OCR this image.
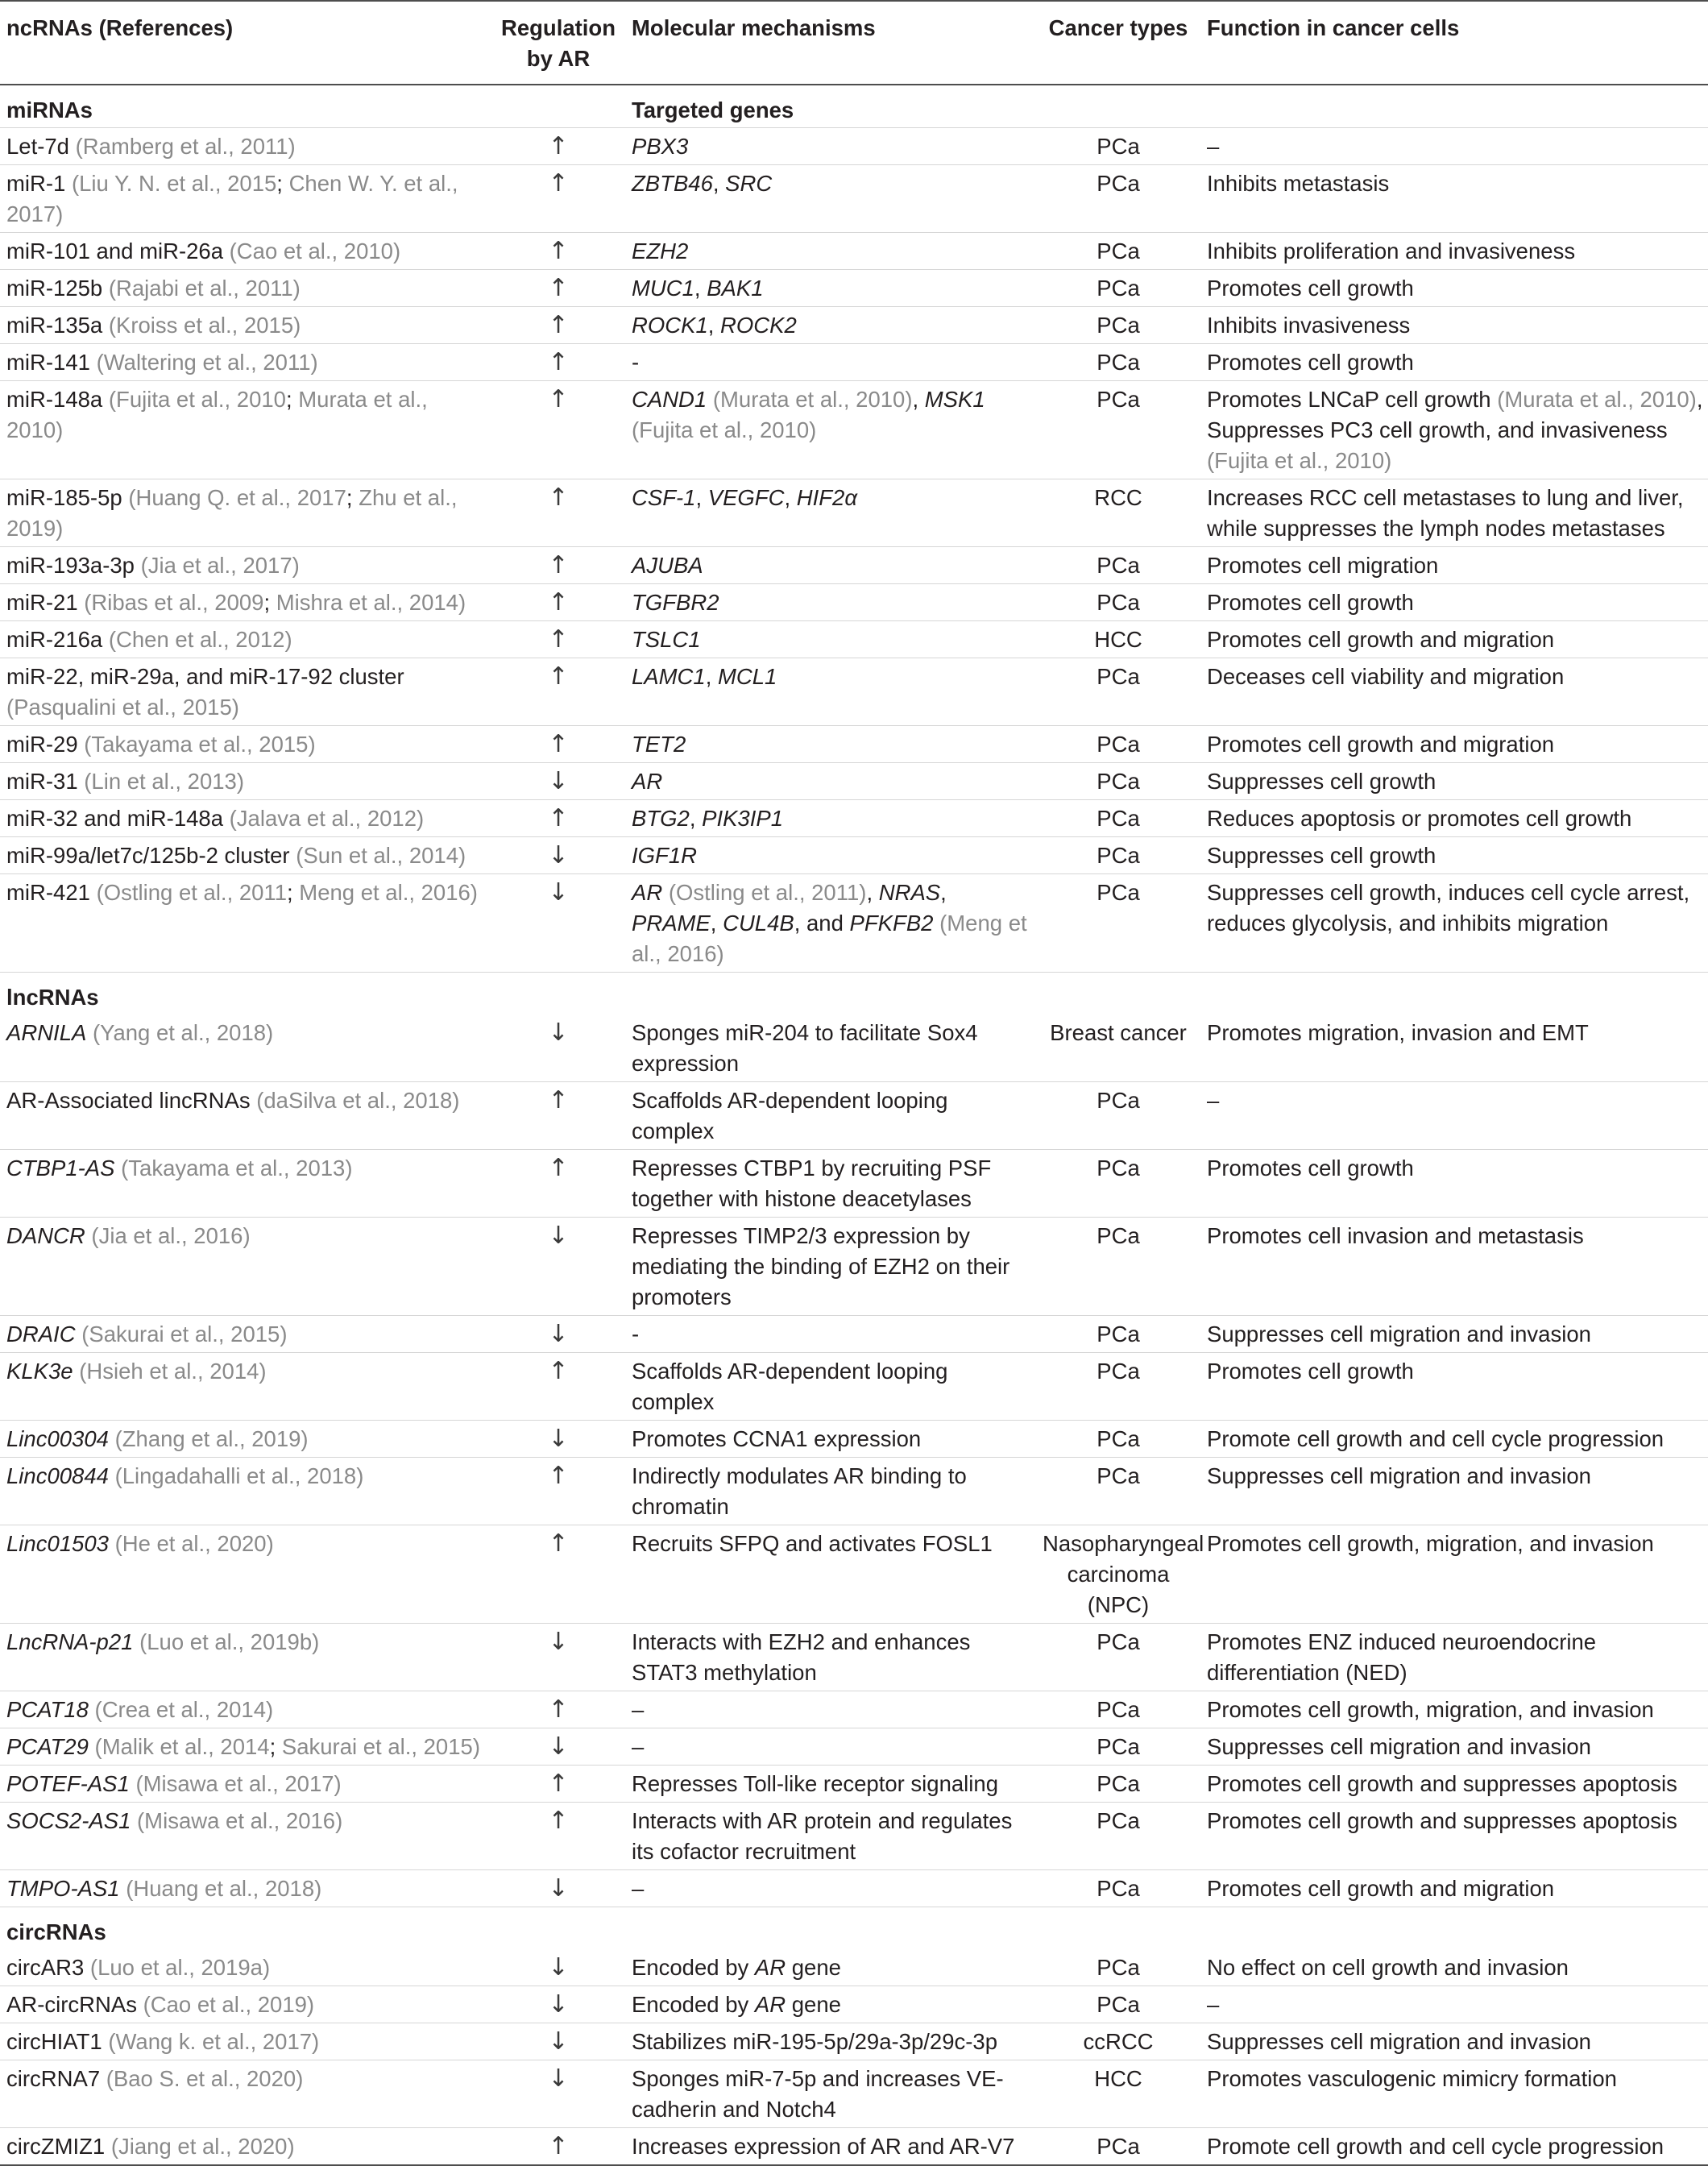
ncRNAs (References)	Regulation by AR	Molecular mechanisms	Cancer types	Function in cancer cells
miRNAs		Targeted genes		
Let-7d (Ramberg et al., 2011)	↑	PBX3	PCa	–
miR-1 (Liu Y. N. et al., 2015; Chen W. Y. et al., 2017)	↑	ZBTB46, SRC	PCa	Inhibits metastasis
miR-101 and miR-26a (Cao et al., 2010)	↑	EZH2	PCa	Inhibits proliferation and invasiveness
miR-125b (Rajabi et al., 2011)	↑	MUC1, BAK1	PCa	Promotes cell growth
miR-135a (Kroiss et al., 2015)	↑	ROCK1, ROCK2	PCa	Inhibits invasiveness
miR-141 (Waltering et al., 2011)	↑	-	PCa	Promotes cell growth
miR-148a (Fujita et al., 2010; Murata et al., 2010)	↑	CAND1 (Murata et al., 2010), MSK1 (Fujita et al., 2010)	PCa	Promotes LNCaP cell growth (Murata et al., 2010), Suppresses PC3 cell growth, and invasiveness (Fujita et al., 2010)
miR-185-5p (Huang Q. et al., 2017; Zhu et al., 2019)	↑	CSF-1, VEGFC, HIF2α	RCC	Increases RCC cell metastases to lung and liver, while suppresses the lymph nodes metastases
miR-193a-3p (Jia et al., 2017)	↑	AJUBA	PCa	Promotes cell migration
miR-21 (Ribas et al., 2009; Mishra et al., 2014)	↑	TGFBR2	PCa	Promotes cell growth
miR-216a (Chen et al., 2012)	↑	TSLC1	HCC	Promotes cell growth and migration
miR-22, miR-29a, and miR-17-92 cluster (Pasqualini et al., 2015)	↑	LAMC1, MCL1	PCa	Deceases cell viability and migration
miR-29 (Takayama et al., 2015)	↑	TET2	PCa	Promotes cell growth and migration
miR-31 (Lin et al., 2013)	↓	AR	PCa	Suppresses cell growth
miR-32 and miR-148a (Jalava et al., 2012)	↑	BTG2, PIK3IP1	PCa	Reduces apoptosis or promotes cell growth
miR-99a/let7c/125b-2 cluster (Sun et al., 2014)	↓	IGF1R	PCa	Suppresses cell growth
miR-421 (Ostling et al., 2011; Meng et al., 2016)	↓	AR (Ostling et al., 2011), NRAS, PRAME, CUL4B, and PFKFB2 (Meng et al., 2016)	PCa	Suppresses cell growth, induces cell cycle arrest, reduces glycolysis, and inhibits migration
lncRNAs				
ARNILA (Yang et al., 2018)	↓	Sponges miR-204 to facilitate Sox4 expression	Breast cancer	Promotes migration, invasion and EMT
AR-Associated lincRNAs (daSilva et al., 2018)	↑	Scaffolds AR-dependent looping complex	PCa	–
CTBP1-AS (Takayama et al., 2013)	↑	Represses CTBP1 by recruiting PSF together with histone deacetylases	PCa	Promotes cell growth
DANCR (Jia et al., 2016)	↓	Represses TIMP2/3 expression by mediating the binding of EZH2 on their promoters	PCa	Promotes cell invasion and metastasis
DRAIC (Sakurai et al., 2015)	↓	-	PCa	Suppresses cell migration and invasion
KLK3e (Hsieh et al., 2014)	↑	Scaffolds AR-dependent looping complex	PCa	Promotes cell growth
Linc00304 (Zhang et al., 2019)	↓	Promotes CCNA1 expression	PCa	Promote cell growth and cell cycle progression
Linc00844 (Lingadahalli et al., 2018)	↑	Indirectly modulates AR binding to chromatin	PCa	Suppresses cell migration and invasion
Linc01503 (He et al., 2020)	↑	Recruits SFPQ and activates FOSL1	Nasopharyngeal carcinoma (NPC)	Promotes cell growth, migration, and invasion
LncRNA-p21 (Luo et al., 2019b)	↓	Interacts with EZH2 and enhances STAT3 methylation	PCa	Promotes ENZ induced neuroendocrine differentiation (NED)
PCAT18 (Crea et al., 2014)	↑	–	PCa	Promotes cell growth, migration, and invasion
PCAT29 (Malik et al., 2014; Sakurai et al., 2015)	↓	–	PCa	Suppresses cell migration and invasion
POTEF-AS1 (Misawa et al., 2017)	↑	Represses Toll-like receptor signaling	PCa	Promotes cell growth and suppresses apoptosis
SOCS2-AS1 (Misawa et al., 2016)	↑	Interacts with AR protein and regulates its cofactor recruitment	PCa	Promotes cell growth and suppresses apoptosis
TMPO-AS1 (Huang et al., 2018)	↓	–	PCa	Promotes cell growth and migration
circRNAs				
circAR3 (Luo et al., 2019a)	↓	Encoded by AR gene	PCa	No effect on cell growth and invasion
AR-circRNAs (Cao et al., 2019)	↓	Encoded by AR gene	PCa	–
circHIAT1 (Wang k. et al., 2017)	↓	Stabilizes miR-195-5p/29a-3p/29c-3p	ccRCC	Suppresses cell migration and invasion
circRNA7 (Bao S. et al., 2020)	↓	Sponges miR-7-5p and increases VE-cadherin and Notch4	HCC	Promotes vasculogenic mimicry formation
circZMIZ1 (Jiang et al., 2020)	↑	Increases expression of AR and AR-V7	PCa	Promote cell growth and cell cycle progression
